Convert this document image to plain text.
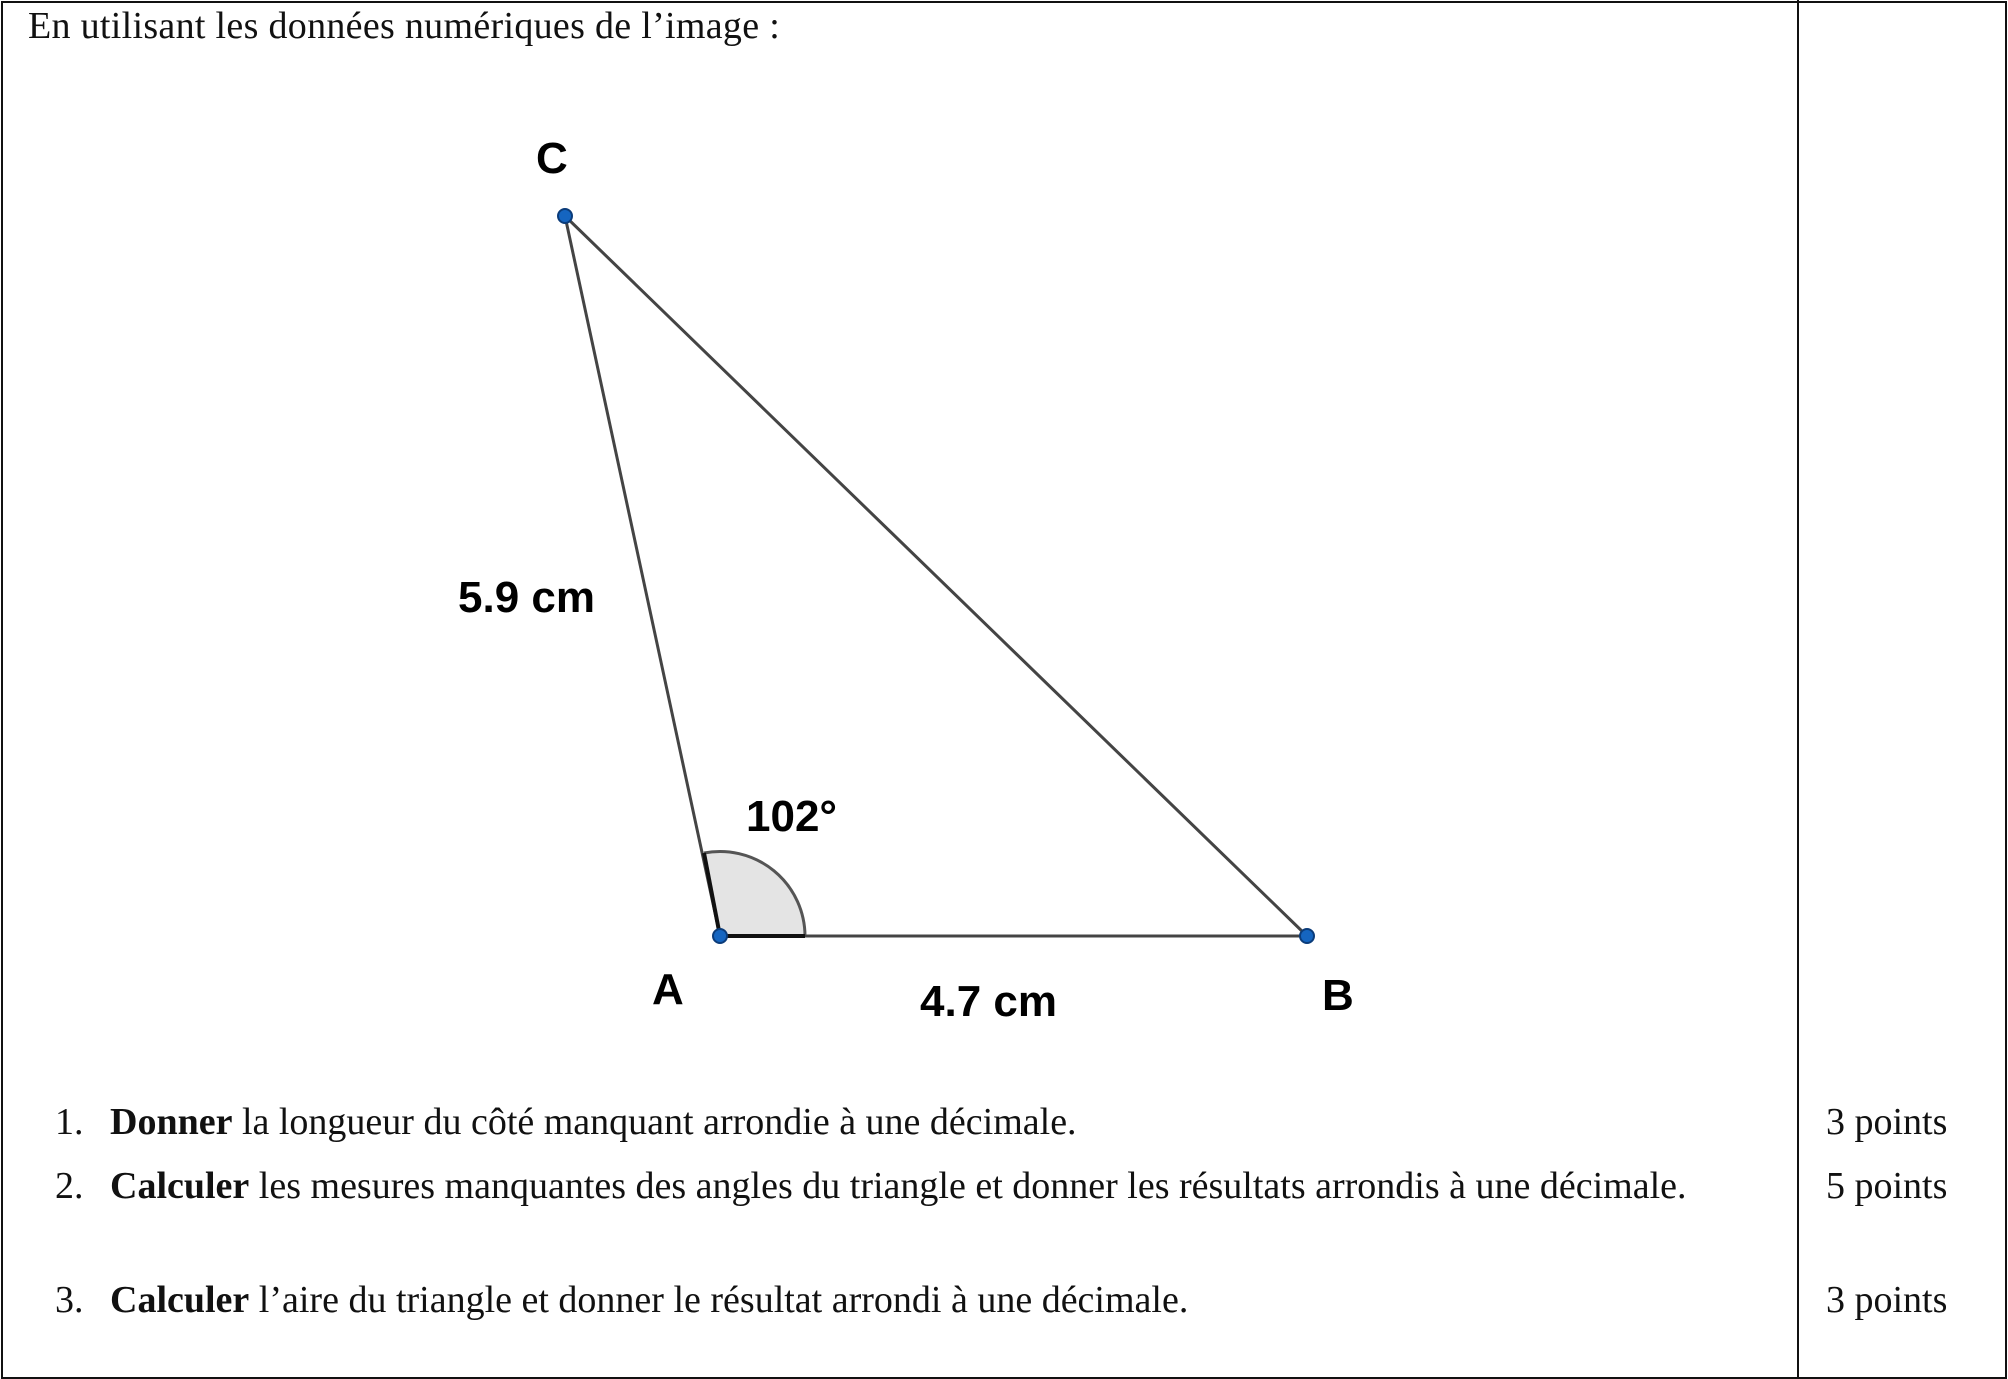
En utilisant les données numériques de l’image :
C
A	B
5.9 cm
4.7 cm
102°
1. Donner la longueur du côté manquant arrondie à une décimale.	3 points
2. Calculer les mesures manquantes des angles du triangle et donner les résultats arrondis à une décimale.	5 points
3. Calculer l’aire du triangle et donner le résultat arrondi à une décimale.	3 points
